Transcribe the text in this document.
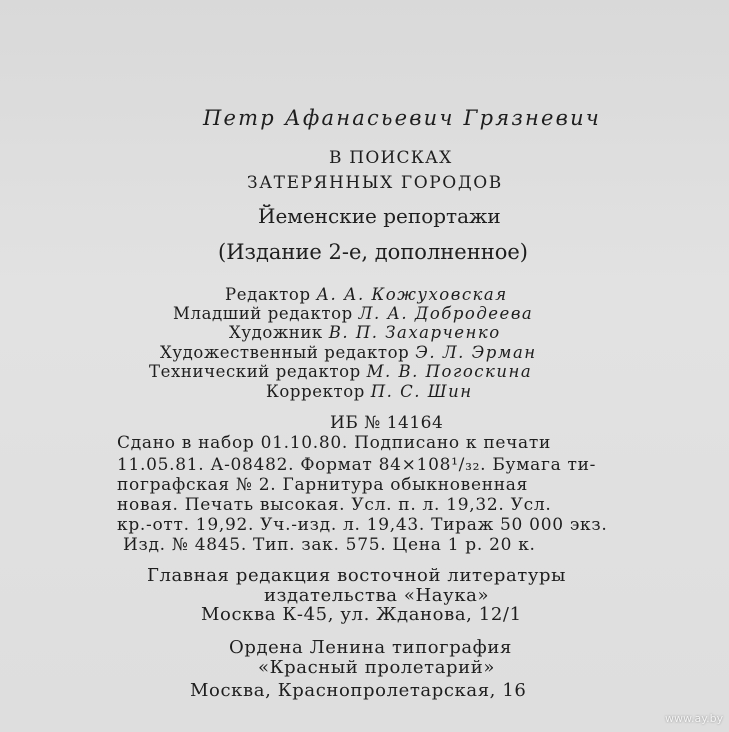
Петр Афанасьевич Грязневич
В ПОИСКАХ
ЗАТЕРЯННЫХ ГОРОДОВ
Йеменские репортажи
(Издание 2-е, дополненное)
Редактор А. А. Кожуховская
Младший редактор Л. А. Добродеева
Художник В. П. Захарченко
Художественный редактор Э. Л. Эрман
Технический редактор М. В. Погоскина
Корректор П. С. Шин
ИБ № 14164
Сдано в набор 01.10.80. Подписано к печати
11.05.81. А-08482. Формат 84×108¹/₃₂. Бумага ти-
пографская № 2. Гарнитура обыкновенная
новая. Печать высокая. Усл. п. л. 19,32. Усл.
кр.-отт. 19,92. Уч.-изд. л. 19,43. Тираж 50 000 экз.
Изд. № 4845. Тип. зак. 575. Цена 1 р. 20 к.
Главная редакция восточной литературы
издательства «Наука»
Москва К-45, ул. Жданова, 12/1
Ордена Ленина типография
«Красный пролетарий»
Москва, Краснопролетарская, 16
www.ay.by
